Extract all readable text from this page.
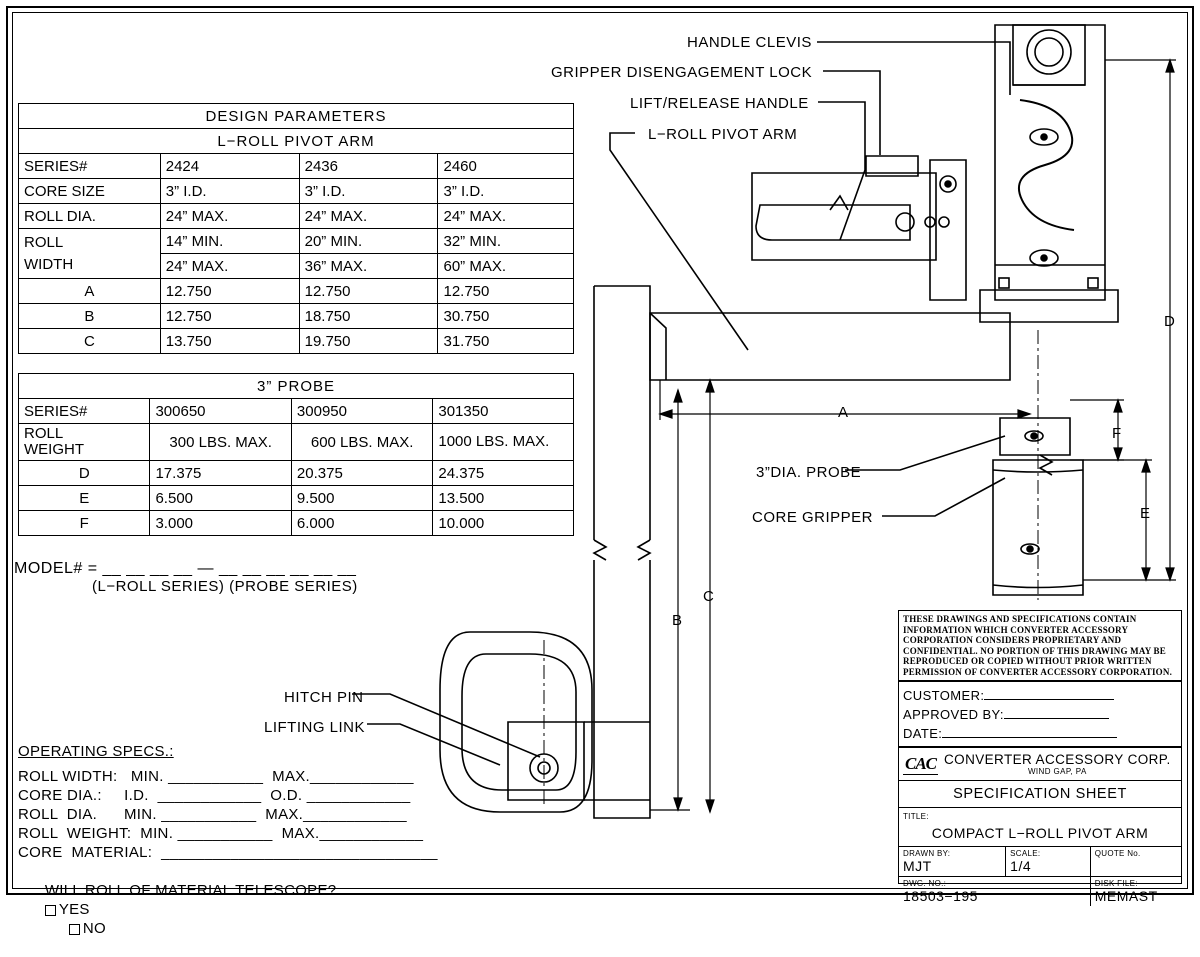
DESIGN PARAMETERS			
L−ROLL PIVOT ARM			
SERIES#	2424	2436	2460
CORE SIZE	3” I.D.	3” I.D.	3” I.D.
ROLL DIA.	24” MAX.	24” MAX.	24” MAX.
ROLL	14” MIN.	20” MIN.	32” MIN.
WIDTH	24” MAX.	36” MAX.	60” MAX.
A	12.750	12.750	12.750
B	12.750	18.750	30.750
C	13.750	19.750	31.750
3” PROBE			
SERIES#	300650	300950	301350
ROLL
WEIGHT	300 LBS. MAX.	600 LBS. MAX.	1000 LBS. MAX.
D	17.375	20.375	24.375
E	6.500	9.500	13.500
F	3.000	6.000	10.000
MODEL# = __ __ __ __ — __ __ __ __ __ __
(L−ROLL SERIES) (PROBE SERIES)
OPERATING SPECS.:
ROLL WIDTH:   MIN. ___________  MAX.____________
CORE DIA.:     I.D.  ____________  O.D. ____________
ROLL  DIA.      MIN. ___________  MAX.____________
ROLL  WEIGHT:  MIN. ___________  MAX.____________
CORE  MATERIAL:  ________________________________

WILL ROLL OF MATERIAL TELESCOPE?
YES
NO

HANDLE CLEVIS
GRIPPER DISENGAGEMENT LOCK
LIFT/RELEASE HANDLE
L−ROLL PIVOT ARM
3”DIA. PROBE
CORE GRIPPER
HITCH PIN
LIFTING LINK
A
B
C
D
E
F
THESE DRAWINGS AND SPECIFICATIONS CONTAIN INFORMATION WHICH CONVERTER ACCESSORY CORPORATION CONSIDERS PROPRIETARY AND CONFIDENTIAL. NO PORTION OF THIS DRAWING MAY BE REPRODUCED OR COPIED WITHOUT PRIOR WRITTEN PERMISSION OF CONVERTER ACCESSORY CORPORATION.
CUSTOMER:
APPROVED BY:
DATE:
CAC CONVERTER ACCESSORY CORP.
WIND GAP, PA
SPECIFICATION SHEET
TITLE:
COMPACT L−ROLL PIVOT ARM
DRAWN BY:
MJT
SCALE:
1/4
QUOTE No.
DWG. NO.:
18503−195
DISK FILE:
MEMAST
